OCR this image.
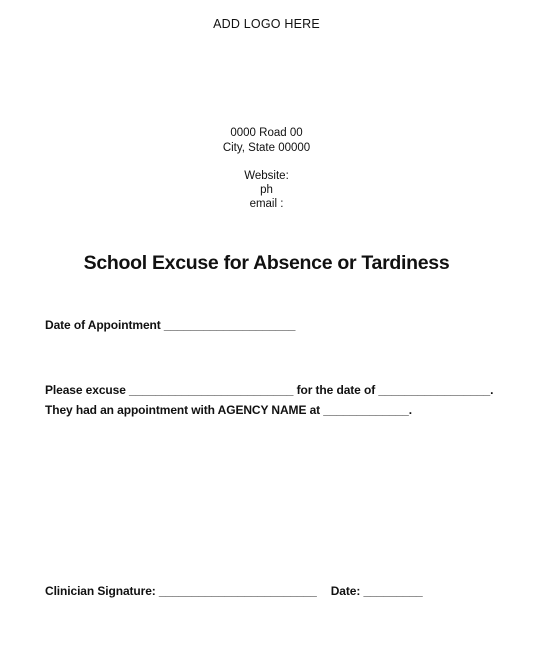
ADD LOGO HERE
0000 Road 00
City, State 00000
Website:
ph
email :
School Excuse for Absence or Tardiness
Date of Appointment ____________________
Please excuse _________________________ for the date of _________________.
They had an appointment with AGENCY NAME at _____________.
Clinician Signature: ________________________ Date: _________
